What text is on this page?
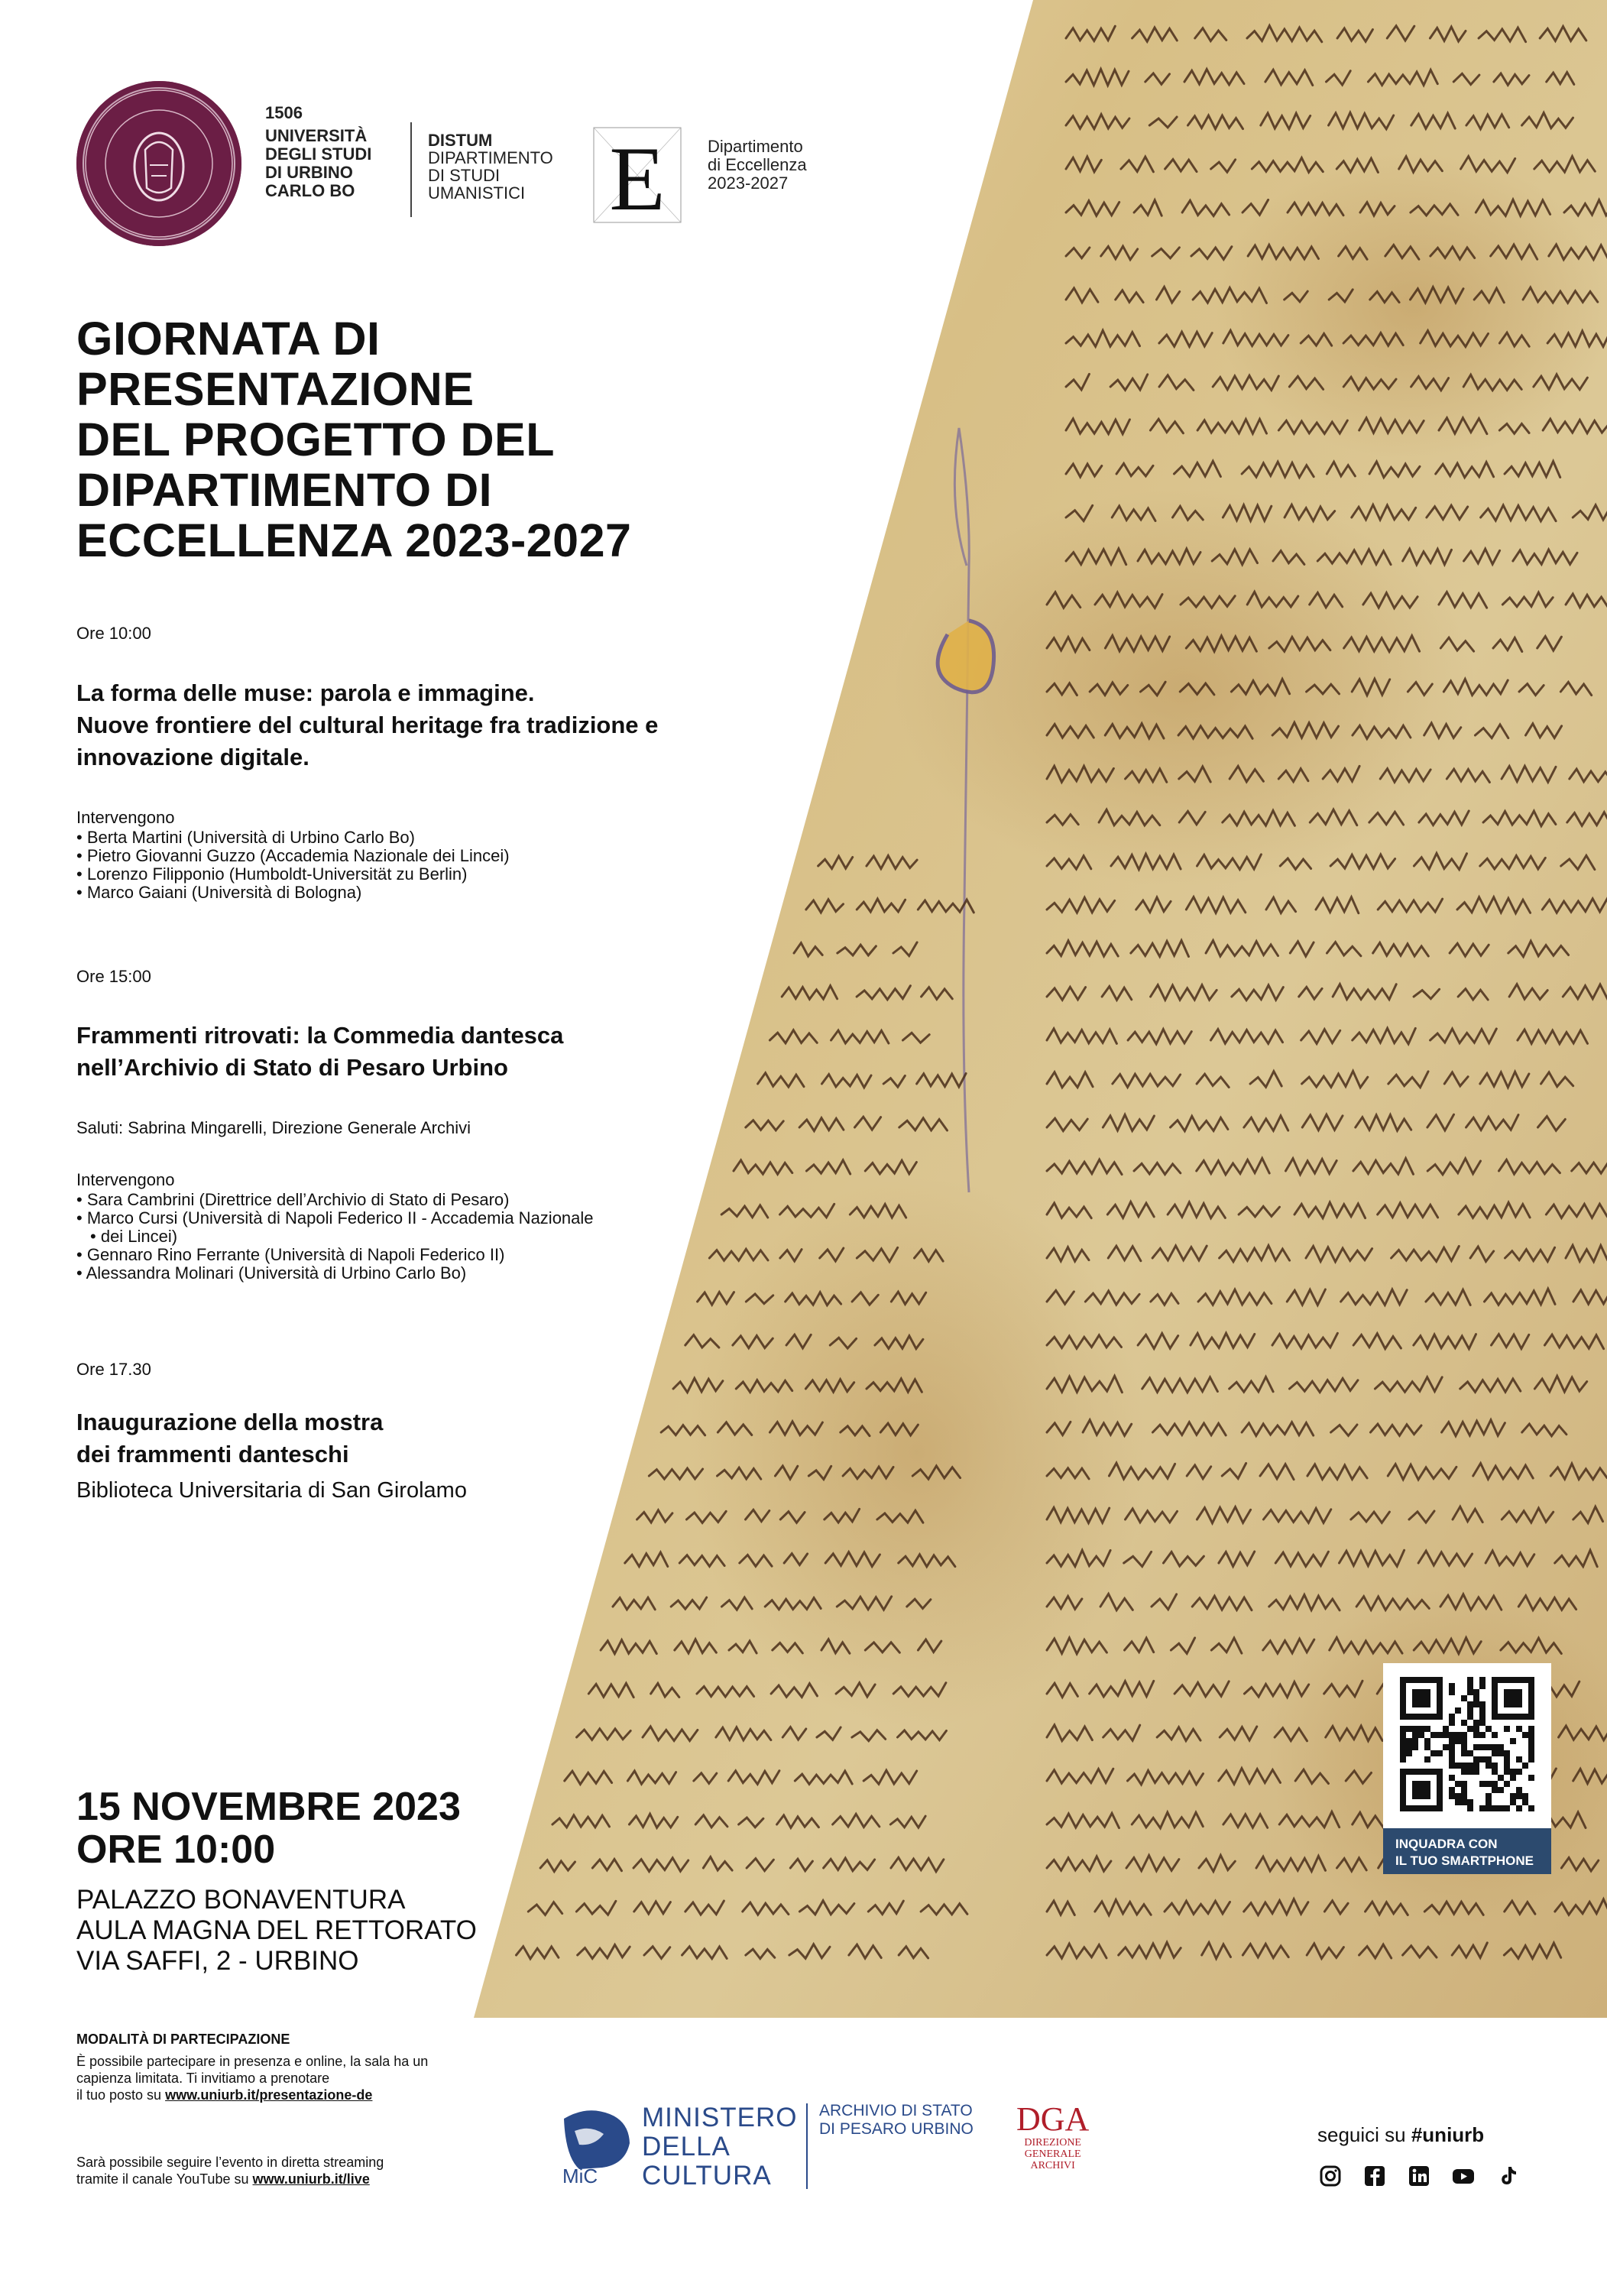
1506
UNIVERSITÀ
DEGLI STUDI
DI URBINO
CARLO BO
DISTUM
DIPARTIMENTO
DI STUDI
UMANISTICI E	Dipartimento
di Eccellenza
2023-2027
GIORNATA DI
PRESENTAZIONE
DEL PROGETTO DEL
DIPARTIMENTO DI
ECCELLENZA 2023-2027
Ore 10:00
La forma delle muse: parola e immagine.
Nuove frontiere del cultural heritage fra tradizione e
innovazione digitale.
Intervengono
• Berta Martini (Università di Urbino Carlo Bo)
• Pietro Giovanni Guzzo (Accademia Nazionale dei Lincei)
• Lorenzo Filipponio (Humboldt-Universität zu Berlin)
• Marco Gaiani (Università di Bologna)
Ore 15:00
Frammenti ritrovati: la Commedia dantesca
nell’Archivio di Stato di Pesaro Urbino
Saluti: Sabrina Mingarelli, Direzione Generale Archivi
Intervengono
• Sara Cambrini (Direttrice dell’Archivio di Stato di Pesaro)
• Marco Cursi (Università di Napoli Federico II - Accademia Nazionale
• dei Lincei)
• Gennaro Rino Ferrante (Università di Napoli Federico II)
• Alessandra Molinari (Università di Urbino Carlo Bo)
Ore 17.30
Inaugurazione della mostra
dei frammenti danteschi
Biblioteca Universitaria di San Girolamo
15 NOVEMBRE 2023
ORE 10:00
PALAZZO BONAVENTURA
AULA MAGNA DEL RETTORATO
VIA SAFFI, 2 - URBINO
MODALITÀ DI PARTECIPAZIONE
È possibile partecipare in presenza e online, la sala ha un
capienza limitata. Ti invitiamo a prenotare
il tuo posto su www.uniurb.it/presentazione-de
Sarà possibile seguire l’evento in diretta streaming
tramite il canale YouTube su www.uniurb.it/live
INQUADRA CON
IL TUO SMARTPHONE
MiC
MINISTERO
DELLA
CULTURA
ARCHIVIO DI STATO
DI PESARO URBINO DGA
DIREZIONE
GENERALE
ARCHIVI
seguici su #uniurb
